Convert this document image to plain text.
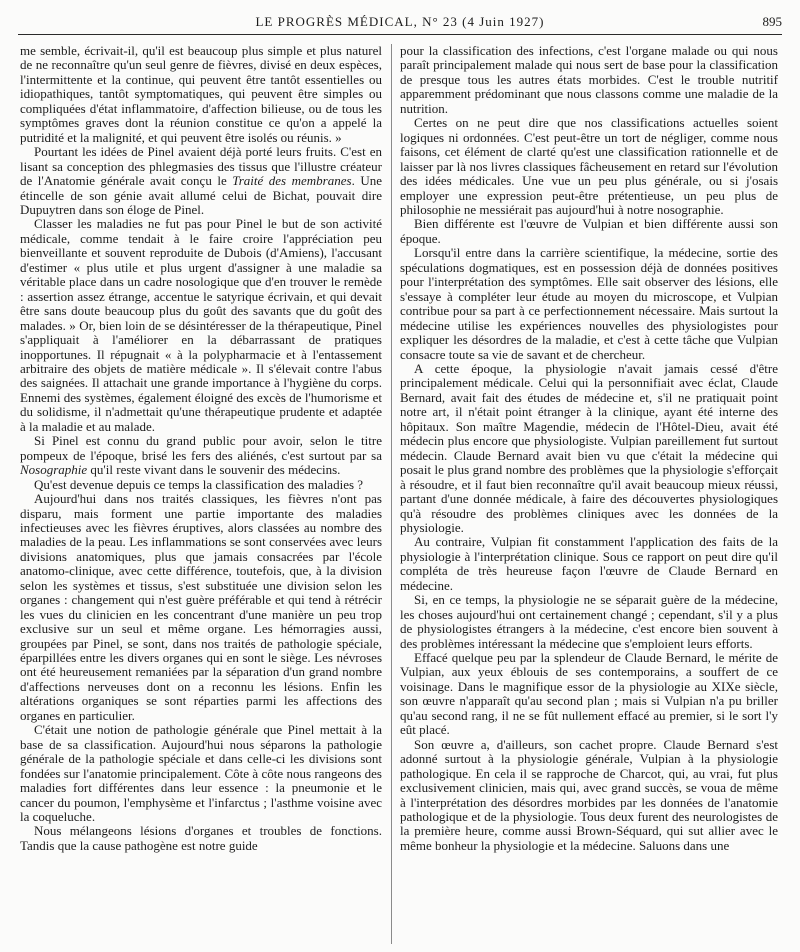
LE PROGRÈS MÉDICAL, N° 23 (4 Juin 1927)	895

me semble, écrivait-il, qu'il est beaucoup plus simple et plus naturel de ne reconnaître qu'un seul genre de fièvres, divisé en deux espèces, l'intermittente et la continue, qui peuvent être tantôt essentielles ou idiopathiques, tantôt symptomatiques, qui peuvent être simples ou compliquées d'état inflammatoire, d'affection bilieuse, ou de tous les symptômes graves dont la réunion constitue ce qu'on a appelé la putridité et la malignité, et qui peuvent être isolés ou réunis. »

Pourtant les idées de Pinel avaient déjà porté leurs fruits. C'est en lisant sa conception des phlegmasies des tissus que l'illustre créateur de l'Anatomie générale avait conçu le Traité des membranes. Une étincelle de son génie avait allumé celui de Bichat, pouvait dire Dupuytren dans son éloge de Pinel.

Classer les maladies ne fut pas pour Pinel le but de son activité médicale, comme tendait à le faire croire l'appréciation peu bienveillante et souvent reproduite de Dubois (d'Amiens), l'accusant d'estimer « plus utile et plus urgent d'assigner à une maladie sa véritable place dans un cadre nosologique que d'en trouver le remède : assertion assez étrange, accentue le satyrique écrivain, et qui devait être sans doute beaucoup plus du goût des savants que du goût des malades. » Or, bien loin de se désintéresser de la thérapeutique, Pinel s'appliquait à l'améliorer en la débarrassant de pratiques inopportunes. Il répugnait « à la polypharmacie et à l'entassement arbitraire des objets de matière médicale ». Il s'élevait contre l'abus des saignées. Il attachait une grande importance à l'hygiène du corps. Ennemi des systèmes, également éloigné des excès de l'humorisme et du solidisme, il n'admettait qu'une thérapeutique prudente et adaptée à la maladie et au malade.

Si Pinel est connu du grand public pour avoir, selon le titre pompeux de l'époque, brisé les fers des aliénés, c'est surtout par sa Nosographie qu'il reste vivant dans le souvenir des médecins.

Qu'est devenue depuis ce temps la classification des maladies ?

Aujourd'hui dans nos traités classiques, les fièvres n'ont pas disparu, mais forment une partie importante des maladies infectieuses avec les fièvres éruptives, alors classées au nombre des maladies de la peau. Les inflammations se sont conservées avec leurs divisions anatomiques, plus que jamais consacrées par l'école anatomo-clinique, avec cette différence, toutefois, que, à la division selon les systèmes et tissus, s'est substituée une division selon les organes : changement qui n'est guère préférable et qui tend à rétrécir les vues du clinicien en les concentrant d'une manière un peu trop exclusive sur un seul et même organe. Les hémorragies aussi, groupées par Pinel, se sont, dans nos traités de pathologie spéciale, éparpillées entre les divers organes qui en sont le siège. Les névroses ont été heureusement remaniées par la séparation d'un grand nombre d'affections nerveuses dont on a reconnu les lésions. Enfin les altérations organiques se sont réparties parmi les affections des organes en particulier.

C'était une notion de pathologie générale que Pinel mettait à la base de sa classification. Aujourd'hui nous séparons la pathologie générale de la pathologie spéciale et dans celle-ci les divisions sont fondées sur l'anatomie principalement. Côte à côte nous rangeons des maladies fort différentes dans leur essence : la pneumonie et le cancer du poumon, l'emphysème et l'infarctus ; l'asthme voisine avec la coqueluche.

Nous mélangeons lésions d'organes et troubles de fonctions. Tandis que la cause pathogène est notre guide

pour la classification des infections, c'est l'organe malade ou qui nous paraît principalement malade qui nous sert de base pour la classification de presque tous les autres états morbides. C'est le trouble nutritif apparemment prédominant que nous classons comme une maladie de la nutrition.

Certes on ne peut dire que nos classifications actuelles soient logiques ni ordonnées. C'est peut-être un tort de négliger, comme nous faisons, cet élément de clarté qu'est une classification rationnelle et de laisser par là nos livres classiques fâcheusement en retard sur l'évolution des idées médicales. Une vue un peu plus générale, ou si j'osais employer une expression peut-être prétentieuse, un peu plus de philosophie ne messiérait pas aujourd'hui à notre nosographie.

Bien différente est l'œuvre de Vulpian et bien différente aussi son époque.

Lorsqu'il entre dans la carrière scientifique, la médecine, sortie des spéculations dogmatiques, est en possession déjà de données positives pour l'interprétation des symptômes. Elle sait observer des lésions, elle s'essaye à compléter leur étude au moyen du microscope, et Vulpian contribue pour sa part à ce perfectionnement nécessaire. Mais surtout la médecine utilise les expériences nouvelles des physiologistes pour expliquer les désordres de la maladie, et c'est à cette tâche que Vulpian consacre toute sa vie de savant et de chercheur.

A cette époque, la physiologie n'avait jamais cessé d'être principalement médicale. Celui qui la personnifiait avec éclat, Claude Bernard, avait fait des études de médecine et, s'il ne pratiquait point notre art, il n'était point étranger à la clinique, ayant été interne des hôpitaux. Son maître Magendie, médecin de l'Hôtel-Dieu, avait été médecin plus encore que physiologiste. Vulpian pareillement fut surtout médecin. Claude Bernard avait bien vu que c'était la médecine qui posait le plus grand nombre des problèmes que la physiologie s'efforçait à résoudre, et il faut bien reconnaître qu'il avait beaucoup mieux réussi, partant d'une donnée médicale, à faire des découvertes physiologiques qu'à résoudre des problèmes cliniques avec les données de la physiologie.

Au contraire, Vulpian fit constamment l'application des faits de la physiologie à l'interprétation clinique. Sous ce rapport on peut dire qu'il compléta de très heureuse façon l'œuvre de Claude Bernard en médecine.

Si, en ce temps, la physiologie ne se séparait guère de la médecine, les choses aujourd'hui ont certainement changé ; cependant, s'il y a plus de physiologistes étrangers à la médecine, c'est encore bien souvent à des problèmes intéressant la médecine que s'emploient leurs efforts.

Effacé quelque peu par la splendeur de Claude Bernard, le mérite de Vulpian, aux yeux éblouis de ses contemporains, a souffert de ce voisinage. Dans le magnifique essor de la physiologie au XIXe siècle, son œuvre n'apparaît qu'au second plan ; mais si Vulpian n'a pu briller qu'au second rang, il ne se fût nullement effacé au premier, si le sort l'y eût placé.

Son œuvre a, d'ailleurs, son cachet propre. Claude Bernard s'est adonné surtout à la physiologie générale, Vulpian à la physiologie pathologique. En cela il se rapproche de Charcot, qui, au vrai, fut plus exclusivement clinicien, mais qui, avec grand succès, se voua de même à l'interprétation des désordres morbides par les données de l'anatomie pathologique et de la physiologie. Tous deux furent des neurologistes de la première heure, comme aussi Brown-Séquard, qui sut allier avec le même bonheur la physiologie et la médecine. Saluons dans une
